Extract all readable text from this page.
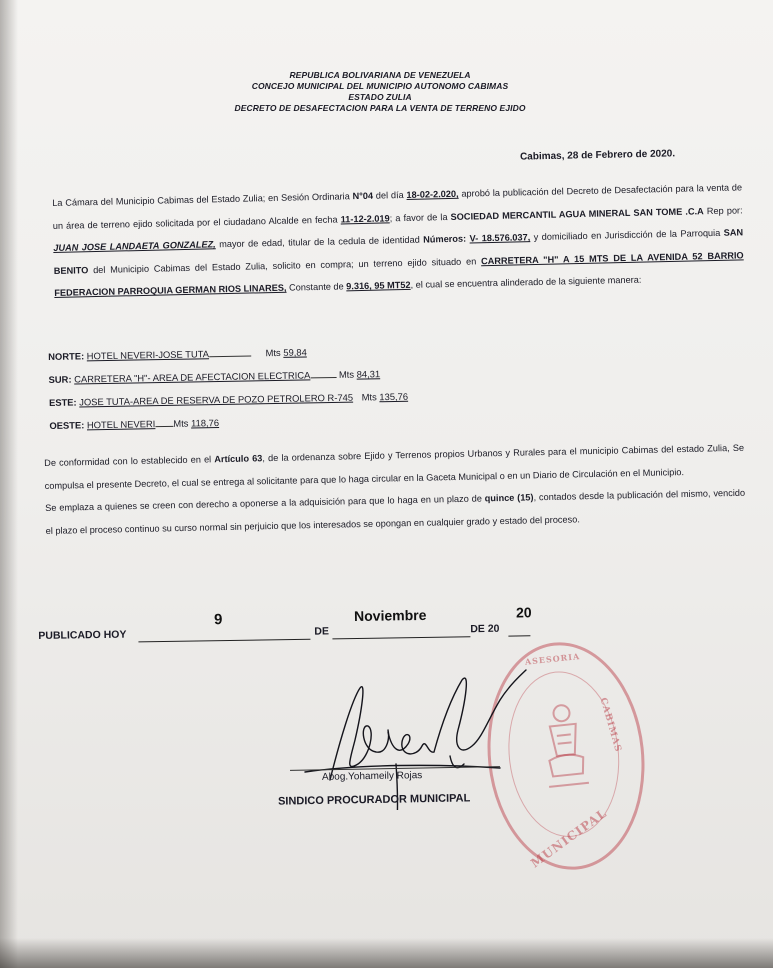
REPUBLICA BOLIVARIANA DE VENEZUELA
CONCEJO MUNICIPAL DEL MUNICIPIO AUTONOMO CABIMAS
ESTADO ZULIA
DECRETO DE DESAFECTACION PARA LA VENTA DE TERRENO EJIDO
Cabimas, 28 de Febrero de 2020.
La Cámara del Municipio Cabimas del Estado Zulia; en Sesión Ordinaria N°04 del día 18-02-2.020, aprobó la publicación del Decreto de Desafectación para la venta de un área de terreno ejido solicitada por el ciudadano Alcalde en fecha 11-12-2.019; a favor de la SOCIEDAD MERCANTIL AGUA MINERAL SAN TOME .C.A Rep por: JUAN JOSE LANDAETA GONZALEZ, mayor de edad, titular de la cedula de identidad Números: V- 18.576.037, y domiciliado en Jurisdicción de la Parroquia SAN BENITO del Municipio Cabimas del Estado Zulia, solicito en compra; un terreno ejido situado en CARRETERA "H" A 15 MTS DE LA AVENIDA 52 BARRIO FEDERACION PARROQUIA GERMAN RIOS LINARES, Constante de 9.316, 95 MT52, el cual se encuentra alinderado de la siguiente manera:
NORTE: HOTEL NEVERI-JOSE TUTA	Mts 59,84
SUR: CARRETERA "H"- AREA DE AFECTACION ELECTRICA	Mts 84,31
ESTE: JOSE TUTA-AREA DE RESERVA DE POZO PETROLERO R-745 Mts 135,76
OESTE: HOTEL NEVERI Mts 118,76
De conformidad con lo establecido en el Artículo 63, de la ordenanza sobre Ejido y Terrenos propios Urbanos y Rurales para el municipio Cabimas del estado Zulia, Se compulsa el presente Decreto, el cual se entrega al solicitante para que lo haga circular en la Gaceta Municipal o en un Diario de Circulación en el Municipio.
Se emplaza a quienes se creen con derecho a oponerse a la adquisición para que lo haga en un plazo de quince (15), contados desde la publicación del mismo, vencido el plazo el proceso continuo su curso normal sin perjuicio que los interesados se opongan en cualquier grado y estado del proceso.
PUBLICADO HOY
9
DE
Noviembre
DE 20
20
ASESORIA
CABIMAS
MUNICIPAL
Abog.Yohameily Rojas
SINDICO PROCURADOR MUNICIPAL
